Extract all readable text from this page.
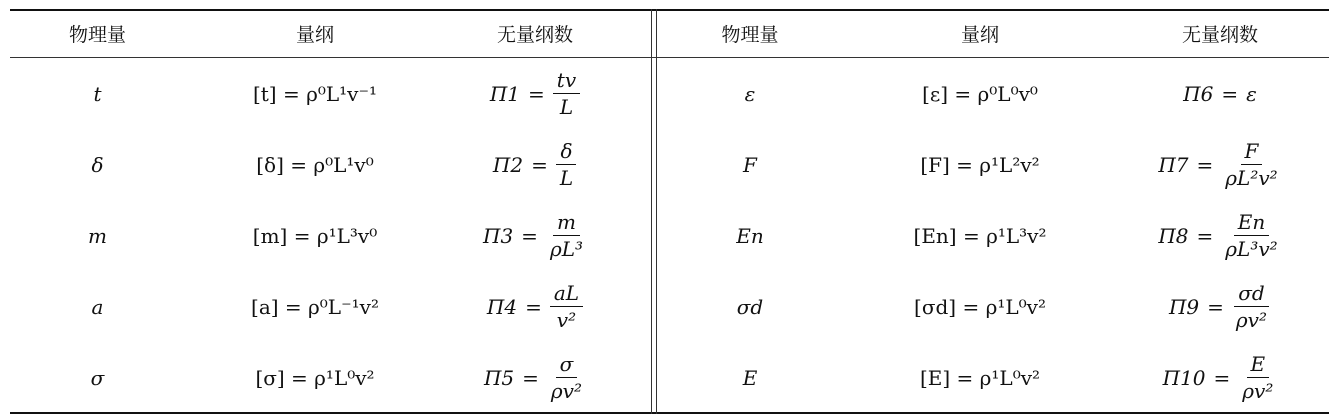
物理量	量纲	无量纲数	物理量	量纲	无量纲数
t	[t] = ρ⁰L¹v⁻¹	$\Pi 1 = \frac{tv}{L}$	ε	[ε] = ρ⁰L⁰v⁰	Π6 = ε
δ	[δ] = ρ⁰L¹v⁰	$\Pi 2 = \frac{\delta}{L}$	F	[F] = ρ¹L²v²	$\Pi 7 = \frac{F}{\text{ρL²v²}}$
m	[m] = ρ¹L³v⁰	$\Pi 3 = \frac{m}{\text{ρL³}}$	En	[En] = ρ¹L³v²	$\Pi 8 = \frac{En}{\text{ρL³v²}}$
a	[a] = ρ⁰L⁻¹v²	$\Pi 4 = \frac{aL}{\text{v²}}$	σd	[σd] = ρ¹L⁰v²	$\Pi 9 = \frac{\sigma d}{\text{ρv²}}$
σ	[σ] = ρ¹L⁰v²	$\Pi 5 = \frac{\sigma}{\text{ρv²}}$	E	[E] = ρ¹L⁰v²	$\Pi 10 = \frac{E}{\text{ρv²}}$
